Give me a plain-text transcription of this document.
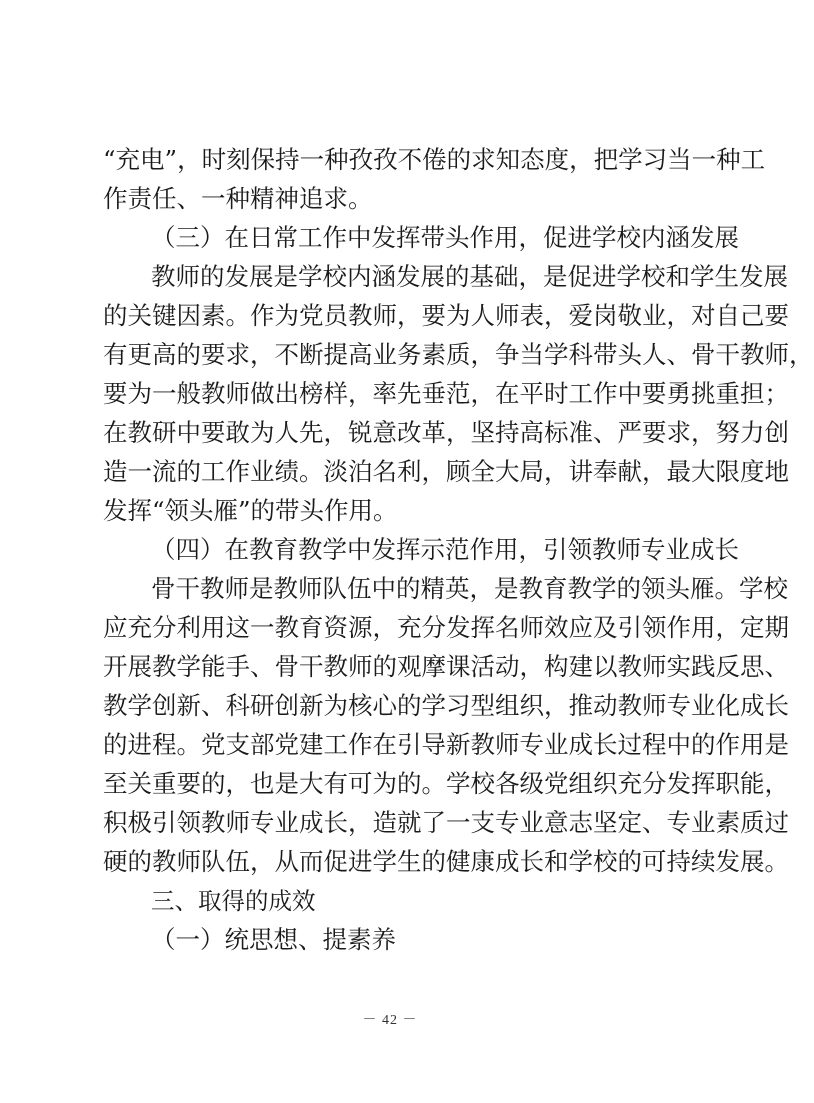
“ 充 电 ” ， 时 刻 保 持 一 种 孜 孜 不 倦 的 求 知 态 度 ， 把 学 习 当 一 种 工
作责任、一种精神追求。
（三）在日常工作中发挥带头作用，促进学校内涵发展
教 师 的 发 展 是 学 校 内 涵 发 展 的 基 础 ， 是 促 进 学 校 和 学 生 发 展
的 关 键 因 素 。 作 为 党 员 教 师 ， 要 为 人 师 表 ， 爱 岗 敬 业 ， 对 自 己 要
有 更 高 的 要 求 ， 不 断 提 高 业 务 素 质 ， 争 当 学 科 带 头 人 、 骨 干 教 师 ，
要 为 一 般 教 师 做 出 榜 样 ， 率 先 垂 范 ， 在 平 时 工 作 中 要 勇 挑 重 担 ；
在 教 研 中 要 敢 为 人 先 ， 锐 意 改 革 ， 坚 持 高 标 准 、 严 要 求 ， 努 力 创
造 一 流 的 工 作 业 绩 。 淡 泊 名 利 ， 顾 全 大 局 ， 讲 奉 献 ， 最 大 限 度 地
发挥“领头雁”的带头作用。
（四）在教育教学中发挥示范作用，引领教师专业成长
骨 干 教 师 是 教 师 队 伍 中 的 精 英 ， 是 教 育 教 学 的 领 头 雁 。 学 校
应 充 分 利 用 这 一 教 育 资 源 ， 充 分 发 挥 名 师 效 应 及 引 领 作 用 ， 定 期
开 展 教 学 能 手 、 骨 干 教 师 的 观 摩 课 活 动 ， 构 建 以 教 师 实 践 反 思 、
教 学 创 新 、 科 研 创 新 为 核 心 的 学 习 型 组 织 ， 推 动 教 师 专 业 化 成 长
的 进 程 。 党 支 部 党 建 工 作 在 引 导 新 教 师 专 业 成 长 过 程 中 的 作 用 是
至 关 重 要 的 ， 也 是 大 有 可 为 的 。 学 校 各 级 党 组 织 充 分 发 挥 职 能 ，
积 极 引 领 教 师 专 业 成 长 ， 造 就 了 一 支 专 业 意 志 坚 定 、 专 业 素 质 过
硬 的 教 师 队 伍 ， 从 而 促 进 学 生 的 健 康 成 长 和 学 校 的 可 持 续 发 展 。
三、取得的成效
（一）统思想、提素养
－ 42 －
